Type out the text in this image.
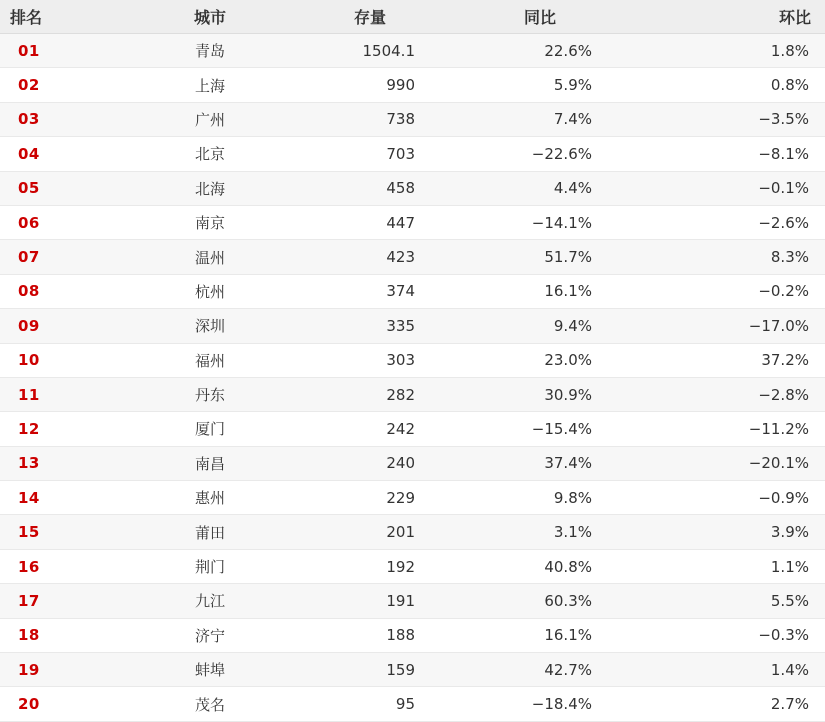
排名	城市	存量	同比	环比
01	青岛	1504.1	22.6%	1.8%
02	上海	990	5.9%	0.8%
03	广州	738	7.4%	−3.5%
04	北京	703	−22.6%	−8.1%
05	北海	458	4.4%	−0.1%
06	南京	447	−14.1%	−2.6%
07	温州	423	51.7%	8.3%
08	杭州	374	16.1%	−0.2%
09	深圳	335	9.4%	−17.0%
10	福州	303	23.0%	37.2%
11	丹东	282	30.9%	−2.8%
12	厦门	242	−15.4%	−11.2%
13	南昌	240	37.4%	−20.1%
14	惠州	229	9.8%	−0.9%
15	莆田	201	3.1%	3.9%
16	荆门	192	40.8%	1.1%
17	九江	191	60.3%	5.5%
18	济宁	188	16.1%	−0.3%
19	蚌埠	159	42.7%	1.4%
20	茂名	95	−18.4%	2.7%
